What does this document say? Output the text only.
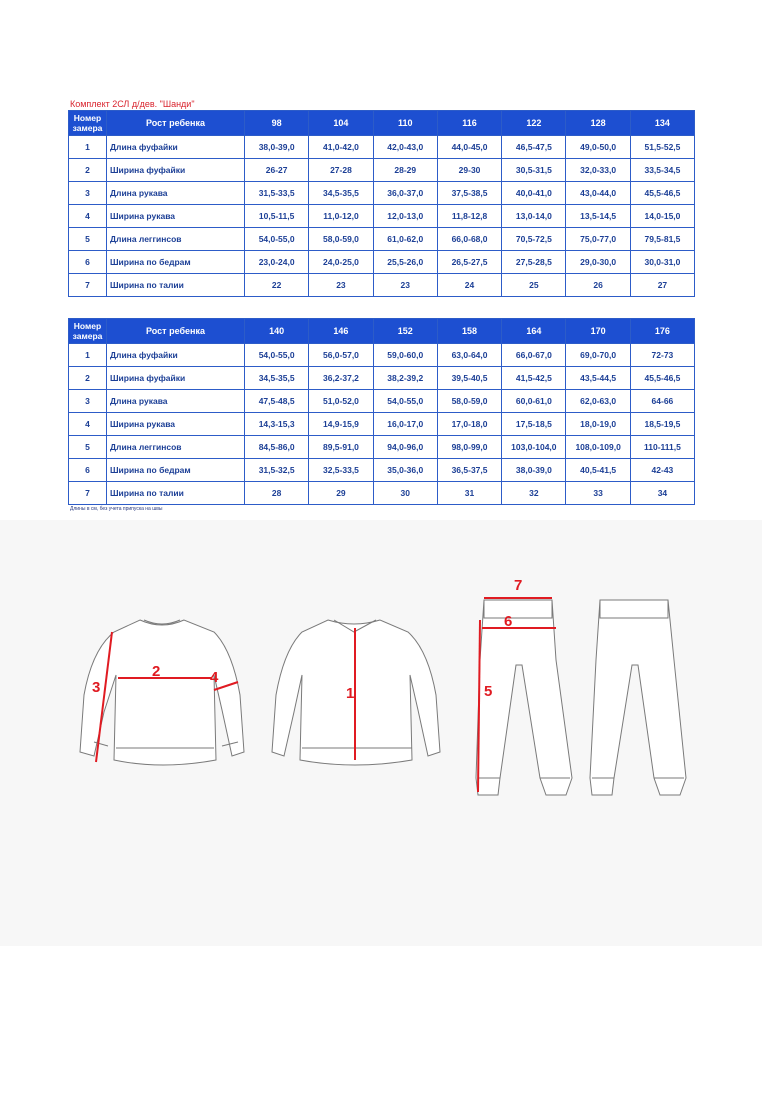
Комплект 2СЛ д/дев. "Шанди"
Номер
замера	Рост ребенка	98	104	110	116	122	128	134
1	Длина фуфайки	38,0-39,0	41,0-42,0	42,0-43,0	44,0-45,0	46,5-47,5	49,0-50,0	51,5-52,5
2	Ширина фуфайки	26-27	27-28	28-29	29-30	30,5-31,5	32,0-33,0	33,5-34,5
3	Длина рукава	31,5-33,5	34,5-35,5	36,0-37,0	37,5-38,5	40,0-41,0	43,0-44,0	45,5-46,5
4	Ширина рукава	10,5-11,5	11,0-12,0	12,0-13,0	11,8-12,8	13,0-14,0	13,5-14,5	14,0-15,0
5	Длина леггинсов	54,0-55,0	58,0-59,0	61,0-62,0	66,0-68,0	70,5-72,5	75,0-77,0	79,5-81,5
6	Ширина по бедрам	23,0-24,0	24,0-25,0	25,5-26,0	26,5-27,5	27,5-28,5	29,0-30,0	30,0-31,0
7	Ширина по талии	22	23	23	24	25	26	27
Номер
замера	Рост ребенка	140	146	152	158	164	170	176
1	Длина фуфайки	54,0-55,0	56,0-57,0	59,0-60,0	63,0-64,0	66,0-67,0	69,0-70,0	72-73
2	Ширина фуфайки	34,5-35,5	36,2-37,2	38,2-39,2	39,5-40,5	41,5-42,5	43,5-44,5	45,5-46,5
3	Длина рукава	47,5-48,5	51,0-52,0	54,0-55,0	58,0-59,0	60,0-61,0	62,0-63,0	64-66
4	Ширина рукава	14,3-15,3	14,9-15,9	16,0-17,0	17,0-18,0	17,5-18,5	18,0-19,0	18,5-19,5
5	Длина леггинсов	84,5-86,0	89,5-91,0	94,0-96,0	98,0-99,0	103,0-104,0	108,0-109,0	110-111,5
6	Ширина по бедрам	31,5-32,5	32,5-33,5	35,0-36,0	36,5-37,5	38,0-39,0	40,5-41,5	42-43
7	Ширина по талии	28	29	30	31	32	33	34
Длины в см, без учета припуска на швы
2
3
4
1
7
6
5
